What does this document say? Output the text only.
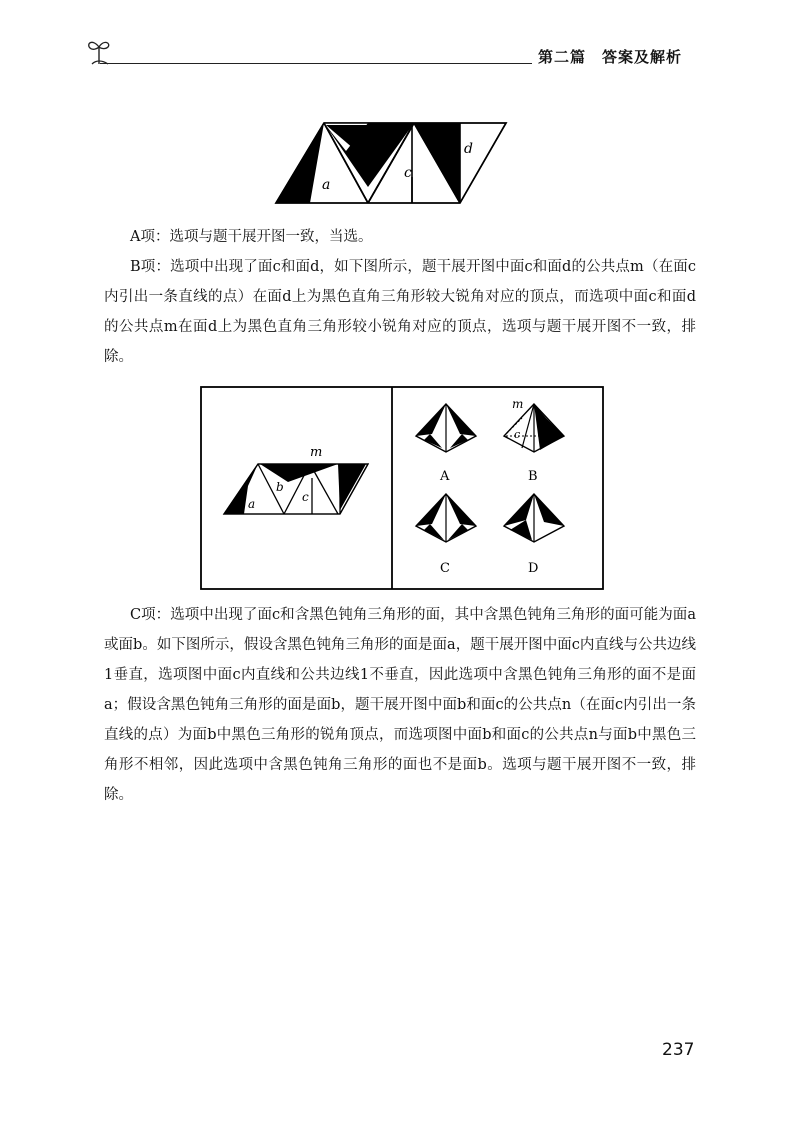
第二篇　答案及解析
a
b
c
d
A项：选项与题干展开图一致，当选。
B项：选项中出现了面c和面d，如下图所示，题干展开图中面c和面d的公共点m（在面c内引出一条直线的点）在面d上为黑色直角三角形较大锐角对应的顶点，而选项中面c和面d的公共点m在面d上为黑色直角三角形较小锐角对应的顶点，选项与题干展开图不一致，排除。
m
a
b
c
d	A
m
c d
B
C	D
C项：选项中出现了面c和含黑色钝角三角形的面，其中含黑色钝角三角形的面可能为面a或面b。如下图所示，假设含黑色钝角三角形的面是面a，题干展开图中面c内直线与公共边线1垂直，选项图中面c内直线和公共边线1不垂直，因此选项中含黑色钝角三角形的面不是面a；假设含黑色钝角三角形的面是面b，题干展开图中面b和面c的公共点n（在面c内引出一条直线的点）为面b中黑色三角形的锐角顶点，而选项图中面b和面c的公共点n与面b中黑色三角形不相邻，因此选项中含黑色钝角三角形的面也不是面b。选项与题干展开图不一致，排除。
237
